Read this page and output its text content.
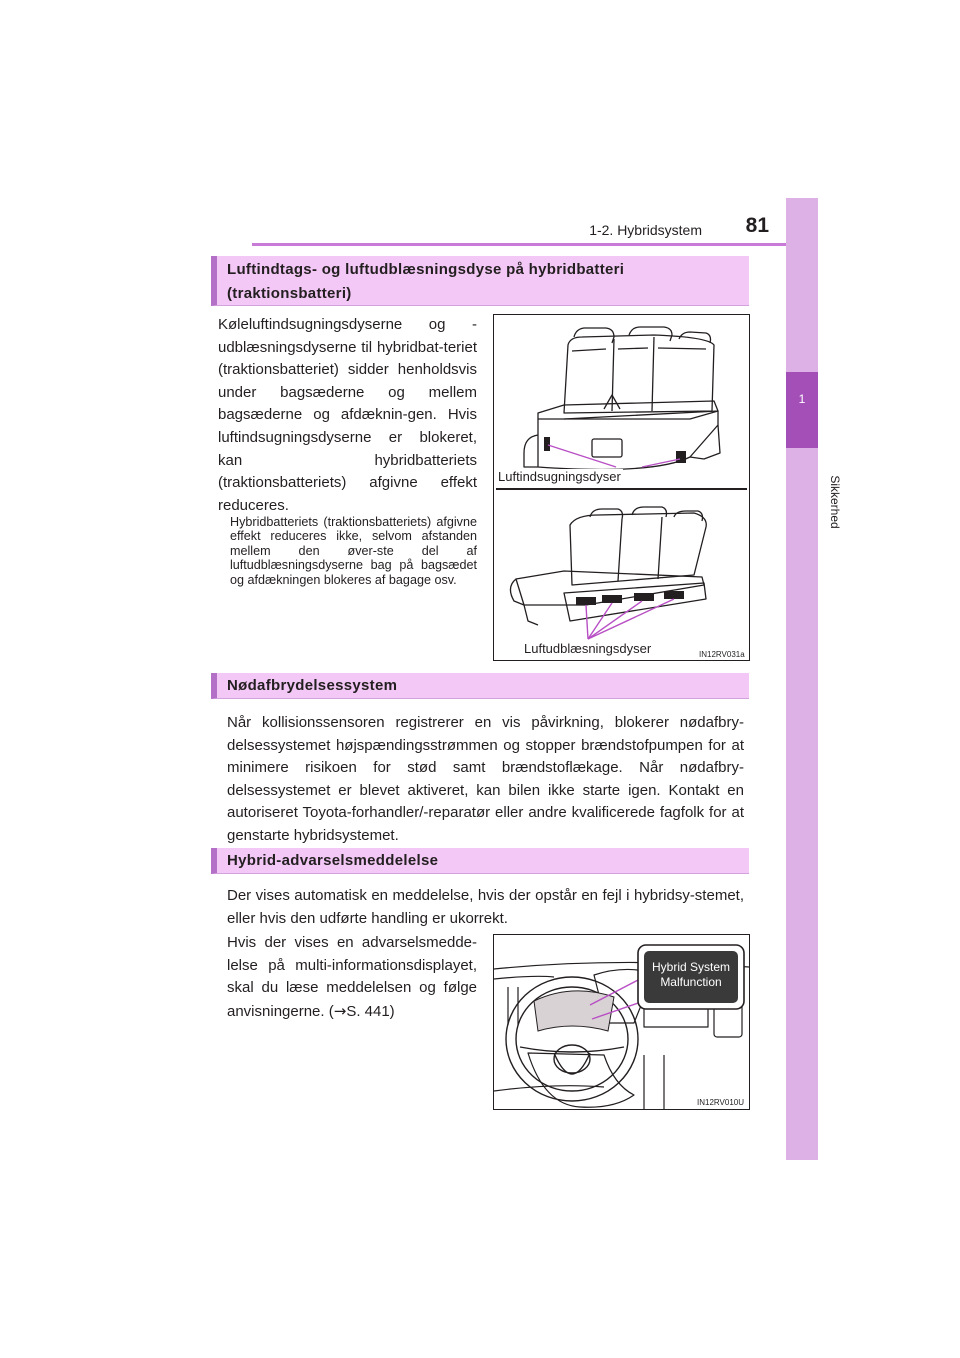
1-2. Hybridsystem 81
1
Sikkerhed
Luftindtags- og luftudblæsningsdyse på hybridbatteri
(traktionsbatteri)
Køleluftindsugningsdyserne og -udblæsningsdyserne til hybridbat-teriet (traktionsbatteriet) sidder henholdsvis under bagsæderne og mellem bagsæderne og afdæknin-gen. Hvis luftindsugningsdyserne er blokeret, kan hybridbatteriets (traktionsbatteriets) afgivne effekt reduceres.
Hybridbatteriets (traktionsbatteriets) afgivne effekt reduceres ikke, selvom afstanden mellem den øver-ste del af luftudblæsningsdyserne bag på bagsædet og afdækningen blokeres af bagage osv.
Luftindsugningsdyser
Luftudblæsningsdyser	IN12RV031a
Nødafbrydelsessystem
Når kollisionssensoren registrerer en vis påvirkning, blokerer nødafbry-delsessystemet højspændingsstrømmen og stopper brændstofpumpen for at minimere risikoen for stød samt brændstoflækage. Når nødafbry-delsessystemet er blevet aktiveret, kan bilen ikke starte igen. Kontakt en autoriseret Toyota-forhandler/-reparatør eller andre kvalificerede fagfolk for at genstarte hybridsystemet.
Hybrid-advarselsmeddelelse
Der vises automatisk en meddelelse, hvis der opstår en fejl i hybridsy-stemet, eller hvis den udførte handling er ukorrekt.
Hvis der vises en advarselsmedde-lelse på multi-informationsdisplayet, skal du læse meddelelsen og følge anvisningerne. (→S. 441)
Hybrid System
Malfunction
IN12RV010U
